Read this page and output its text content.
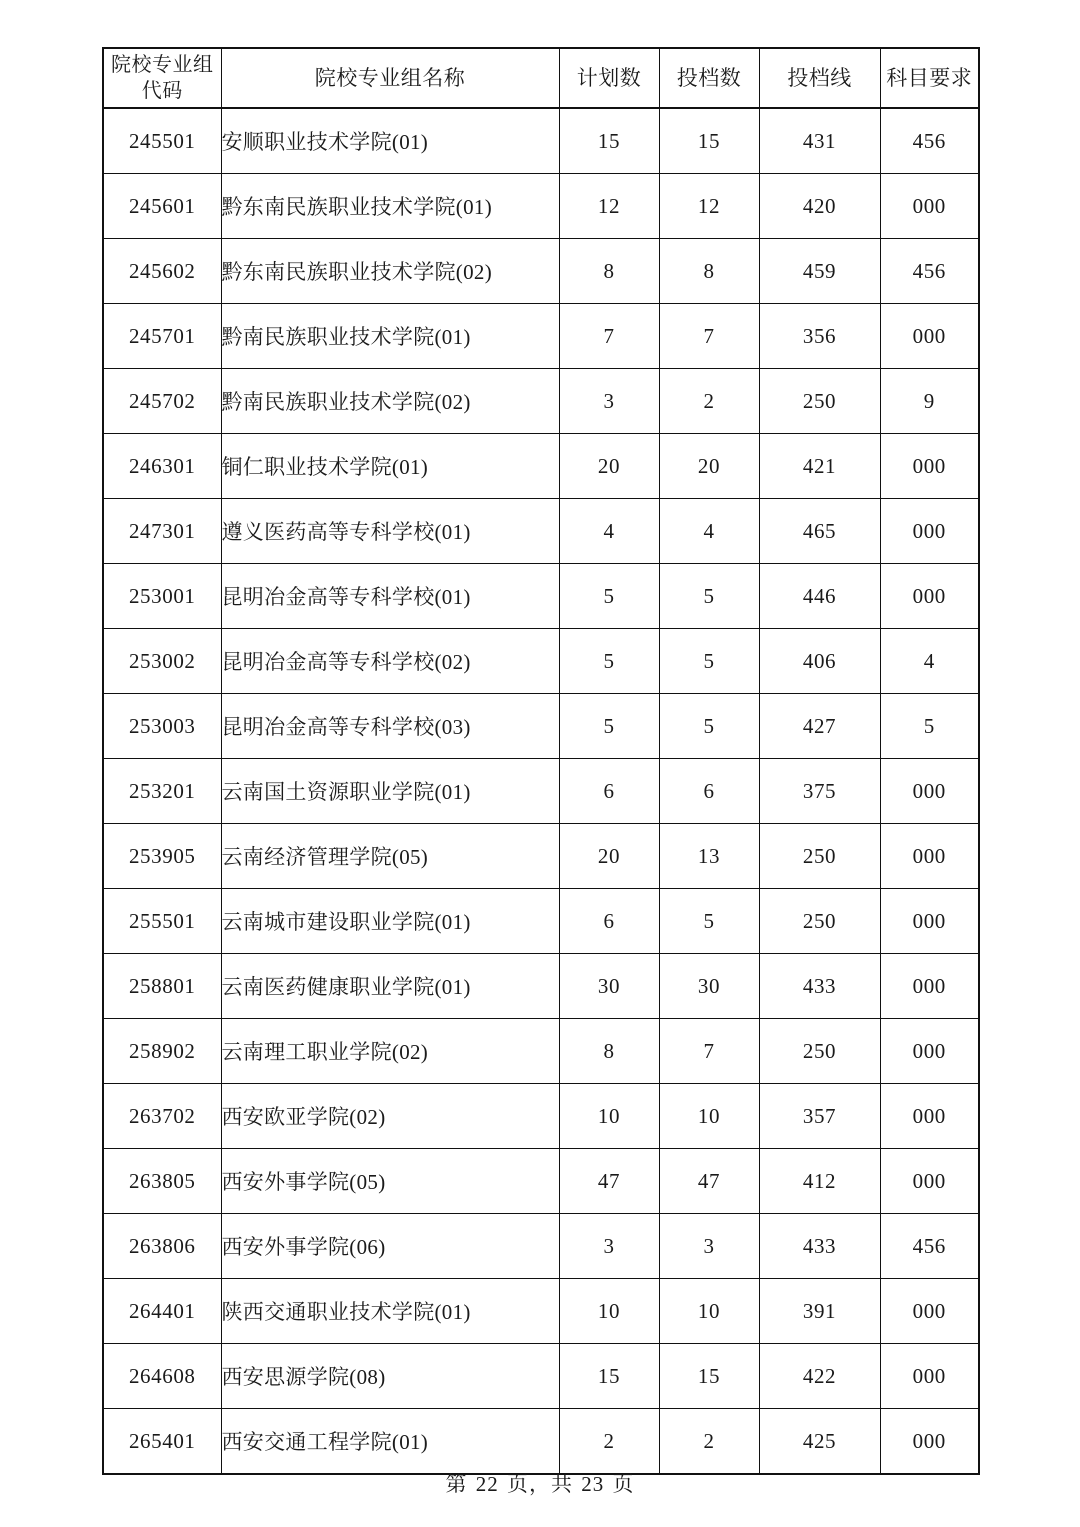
院校专业组
代码	院校专业组名称	计划数	投档数	投档线	科目要求
245501	安顺职业技术学院(01)	15	15	431	456
245601	黔东南民族职业技术学院(01)	12	12	420	000
245602	黔东南民族职业技术学院(02)	8	8	459	456
245701	黔南民族职业技术学院(01)	7	7	356	000
245702	黔南民族职业技术学院(02)	3	2	250	9
246301	铜仁职业技术学院(01)	20	20	421	000
247301	遵义医药高等专科学校(01)	4	4	465	000
253001	昆明冶金高等专科学校(01)	5	5	446	000
253002	昆明冶金高等专科学校(02)	5	5	406	4
253003	昆明冶金高等专科学校(03)	5	5	427	5
253201	云南国土资源职业学院(01)	6	6	375	000
253905	云南经济管理学院(05)	20	13	250	000
255501	云南城市建设职业学院(01)	6	5	250	000
258801	云南医药健康职业学院(01)	30	30	433	000
258902	云南理工职业学院(02)	8	7	250	000
263702	西安欧亚学院(02)	10	10	357	000
263805	西安外事学院(05)	47	47	412	000
263806	西安外事学院(06)	3	3	433	456
264401	陕西交通职业技术学院(01)	10	10	391	000
264608	西安思源学院(08)	15	15	422	000
265401	西安交通工程学院(01)	2	2	425	000
第 22 页，共 23 页
